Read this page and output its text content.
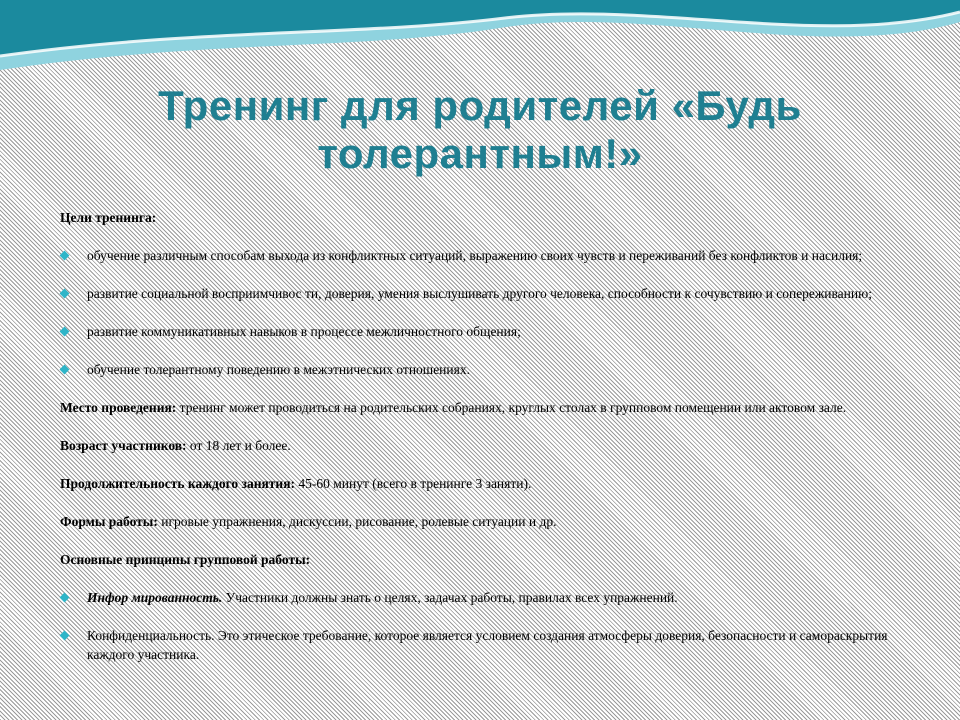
Тренинг для родителей «Будь толерантным!»

Цели тренинга:

обучение различным способам выхода из конфликтных ситуаций, выражению своих чувств и переживаний без конфликтов и насилия;
развитие социальной восприимчивос ти, доверия, умения выслушивать другого человека, способности к сочувствию и сопереживанию;
развитие коммуникативных навыков в процессе межличностного общения;
обучение толерантному поведению в межэтнических отношениях.

Место проведения: тренинг может проводиться на родительских собраниях, круглых столах в групповом помещении или актовом зале.

Возраст участников: от 18 лет и более.

Продолжительность каждого занятия: 45-60 минут (всего в тренинге 3 заняти).

Формы работы: игровые упражнения, дискуссии, рисование, ролевые ситуации и др.

Основные принципы групповой работы:

Инфор мированность. Участники должны знать о целях, задачах работы, правилах всех упражнений.
Конфиденциальность. Это этическое требование, которое является условием создания атмосферы доверия, безопасности и самораскрытия каждого участника.
